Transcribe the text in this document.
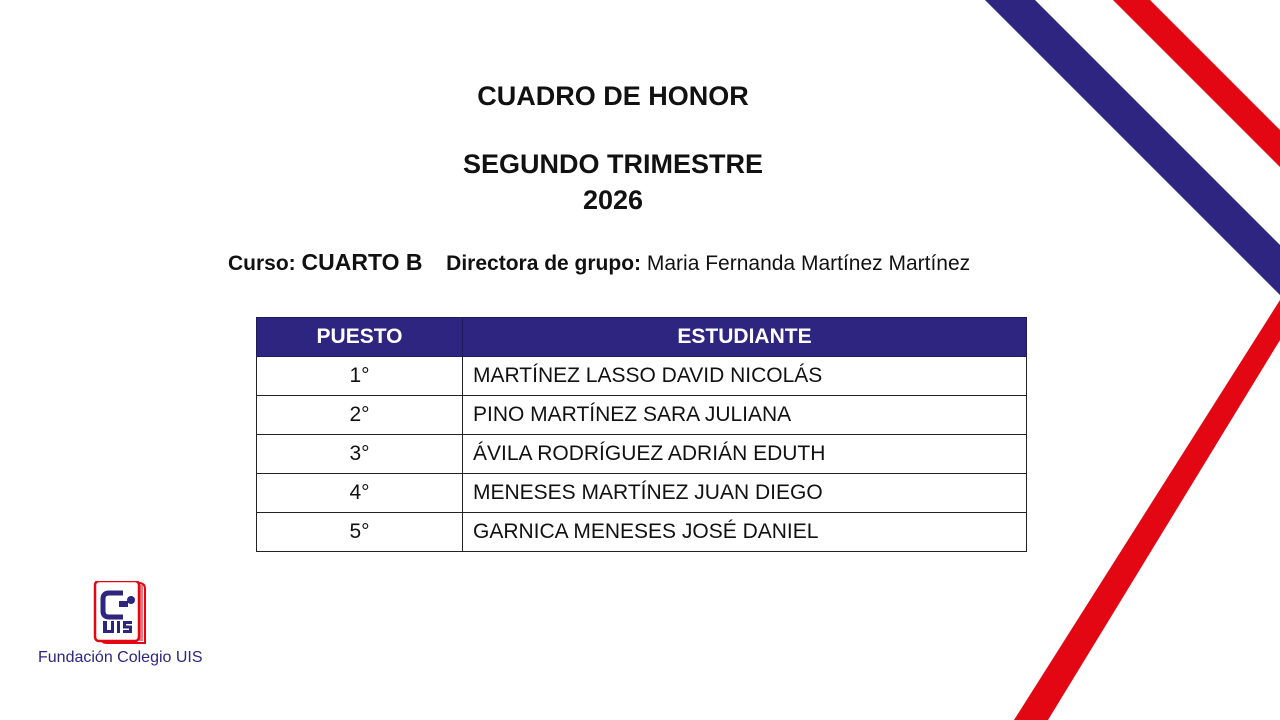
CUADRO DE HONOR
SEGUNDO TRIMESTRE
2026
Curso: CUARTO B Directora de grupo: Maria Fernanda Martínez Martínez
PUESTO	ESTUDIANTE
1°	MARTÍNEZ LASSO DAVID NICOLÁS
2°	PINO MARTÍNEZ SARA JULIANA
3°	ÁVILA RODRÍGUEZ ADRIÁN EDUTH
4°	MENESES MARTÍNEZ JUAN DIEGO
5°	GARNICA MENESES JOSÉ DANIEL
Fundación Colegio UIS
